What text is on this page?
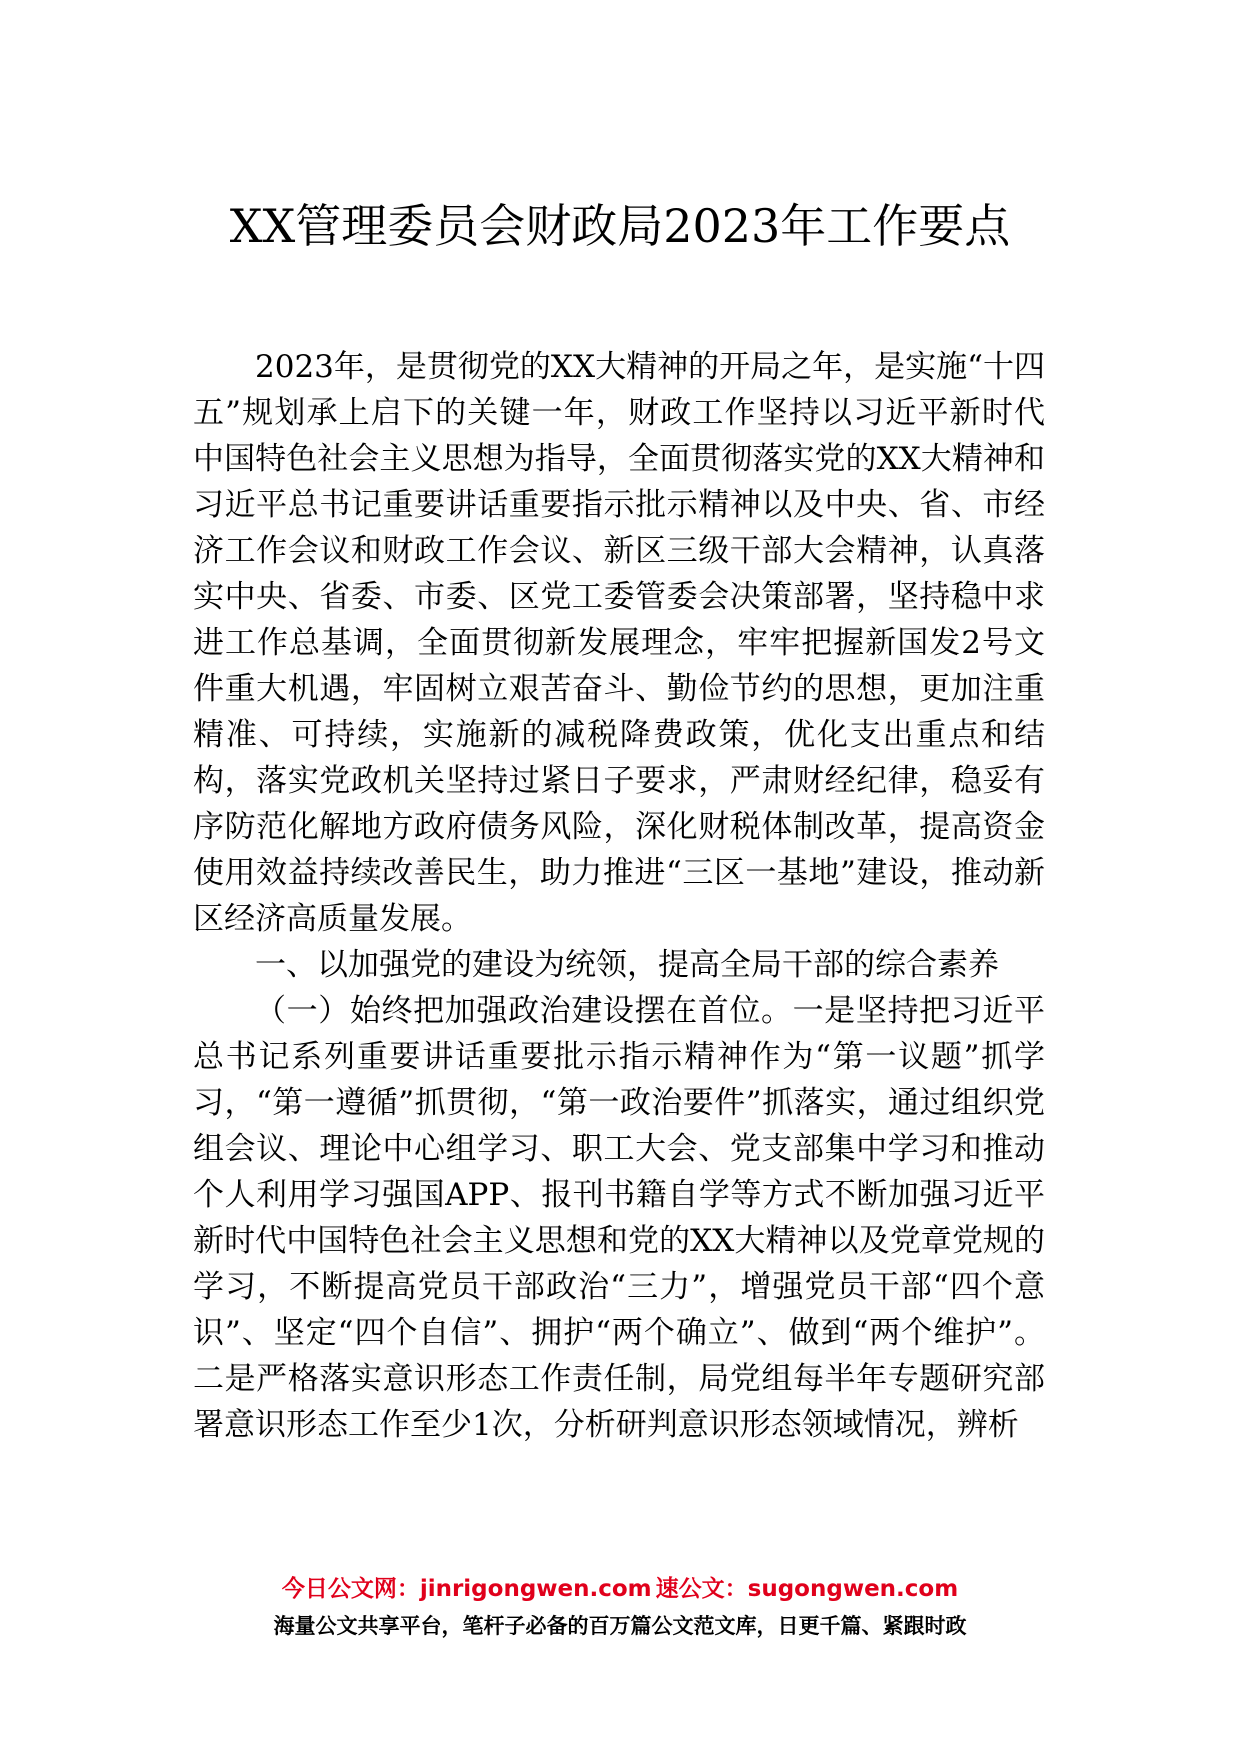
XX管理委员会财政局2023年工作要点

2023年，是贯彻党的XX大精神的开局之年，是实施“十四五”规划承上启下的关键一年，财政工作坚持以习近平新时代中国特色社会主义思想为指导，全面贯彻落实党的XX大精神和习近平总书记重要讲话重要指示批示精神以及中央、省、市经济工作会议和财政工作会议、新区三级干部大会精神，认真落实中央、省委、市委、区党工委管委会决策部署，坚持稳中求进工作总基调，全面贯彻新发展理念，牢牢把握新国发2号文件重大机遇，牢固树立艰苦奋斗、勤俭节约的思想，更加注重精准、可持续，实施新的减税降费政策，优化支出重点和结构，落实党政机关坚持过紧日子要求，严肃财经纪律，稳妥有序防范化解地方政府债务风险，深化财税体制改革，提高资金使用效益持续改善民生，助力推进“三区一基地”建设，推动新区经济高质量发展。

一、以加强党的建设为统领，提高全局干部的综合素养

（一）始终把加强政治建设摆在首位。一是坚持把习近平总书记系列重要讲话重要批示指示精神作为“第一议题”抓学习，“第一遵循”抓贯彻，“第一政治要件”抓落实，通过组织党组会议、理论中心组学习、职工大会、党支部集中学习和推动个人利用学习强国APP、报刊书籍自学等方式不断加强习近平新时代中国特色社会主义思想和党的XX大精神以及党章党规的学习，不断提高党员干部政治“三力”，增强党员干部“四个意识”、坚定“四个自信”、拥护“两个确立”、做到“两个维护”。二是严格落实意识形态工作责任制，局党组每半年专题研究部署意识形态工作至少1次，分析研判意识形态领域情况，辨析

今日公文网：jinrigongwen.com 速公文：sugongwen.com
海量公文共享平台，笔杆子必备的百万篇公文范文库，日更千篇、紧跟时政
